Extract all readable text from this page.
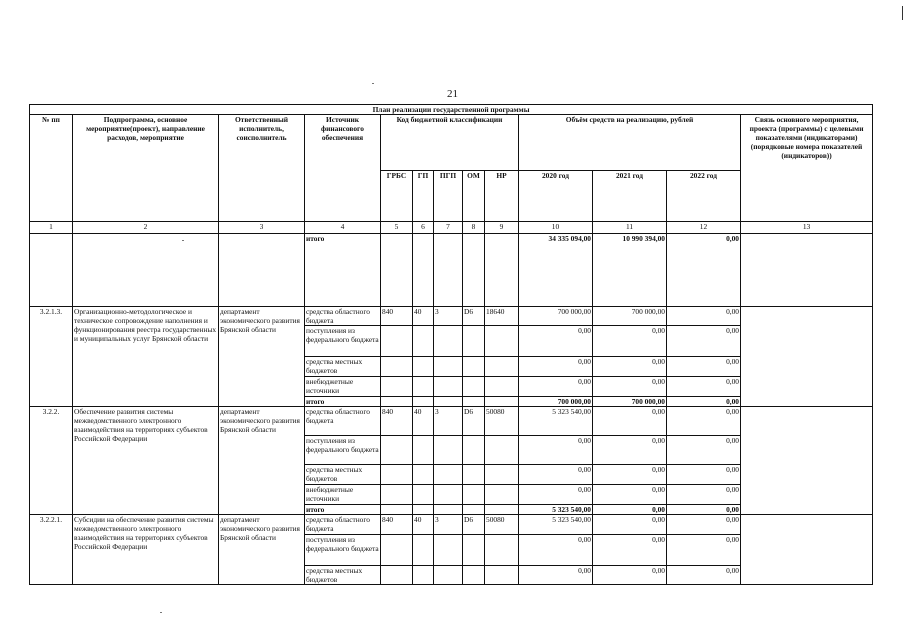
21
План реализации государственной программы												
№ пп	Подпрограмма, основное мероприятие(проект), направление расходов, мероприятие	Ответственный исполнитель, соисполнитель	Источник финансового обеспечения	Код бюджетной классификации					Объём средств на реализацию, рублей			Связь основного мероприятия, проекта (программы) с целевыми показателями (индикаторами) (порядковые номера показателей (индикаторов))
				ГРБС	ГП	ПГП	ОМ	НР	2020 год	2021 год	2022 год	
1	2	3	4	5	6	7	8	9	10	11	12	13
			итого						34 335 094,00	10 990 394,00	0,00	
3.2.1.3.	Организационно-методологическое и техническое сопровождение наполнения и функционирования реестра государственных и муниципальных услуг Брянской области	департамент экономического развития Брянской области	средства областного бюджета	840	40	3	D6	18640	700 000,00	700 000,00	0,00	
			поступления из федерального бюджета						0,00	0,00	0,00	
			средства местных бюджетов						0,00	0,00	0,00	
			внебюджетные источники						0,00	0,00	0,00	
			итого						700 000,00	700 000,00	0,00	
3.2.2.	Обеспечение развития системы межведомственного электронного взаимодействия на территориях субъектов Российской Федерации	департамент экономического развития Брянской области	средства областного бюджета	840	40	3	D6	50080	5 323 540,00	0,00	0,00	
			поступления из федерального бюджета						0,00	0,00	0,00	
			средства местных бюджетов						0,00	0,00	0,00	
			внебюджетные источники						0,00	0,00	0,00	
			итого						5 323 540,00	0,00	0,00	
3.2.2.1.	Субсидии на обеспечение развития системы межведомственного электронного взаимодействия на территориях субъектов Российской Федерации	департамент экономического развития Брянской области	средства областного бюджета	840	40	3	D6	50080	5 323 540,00	0,00	0,00	
			поступления из федерального бюджета						0,00	0,00	0,00	
			средства местных бюджетов						0,00	0,00	0,00	
